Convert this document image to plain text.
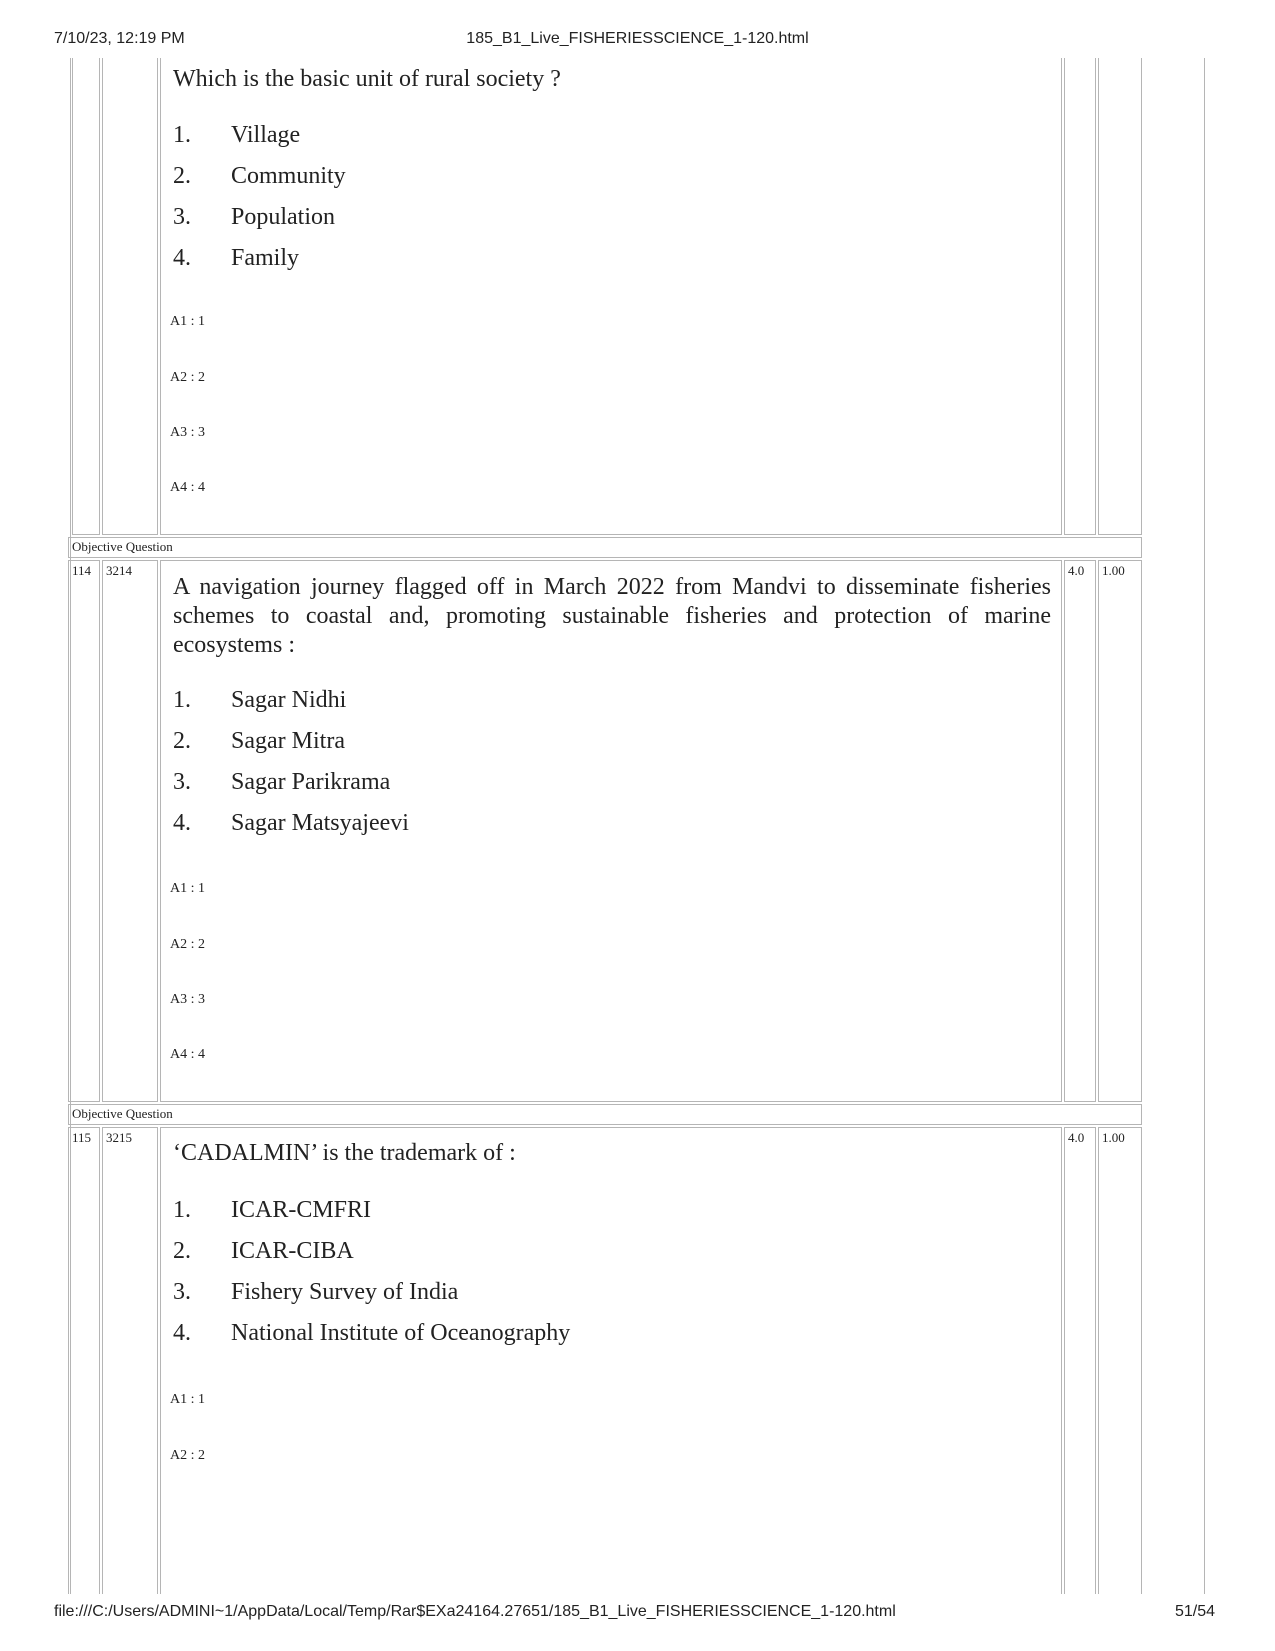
7/10/23, 12:19 PM	185_B1_Live_FISHERIESSCIENCE_1-120.html
Which is the basic unit of rural society ?
1. Village
2. Community
3. Population
4. Family
A1 : 1
A2 : 2
A3 : 3
A4 : 4
Objective Question
114 3214
A navigation journey flagged off in March 2022 from Mandvi to disseminate fisheries schemes to coastal and, promoting sustainable fisheries and protection of marine ecosystems :
1. Sagar Nidhi
2. Sagar Mitra
3. Sagar Parikrama
4. Sagar Matsyajeevi
A1 : 1
A2 : 2
A3 : 3
A4 : 4
4.0 1.00
Objective Question
115 3215
‘CADALMIN’ is the trademark of :
1. ICAR-CMFRI
2. ICAR-CIBA
3. Fishery Survey of India
4. National Institute of Oceanography
A1 : 1
A2 : 2
4.0 1.00
file:///C:/Users/ADMINI~1/AppData/Local/Temp/Rar$EXa24164.27651/185_B1_Live_FISHERIESSCIENCE_1-120.html	51/54
